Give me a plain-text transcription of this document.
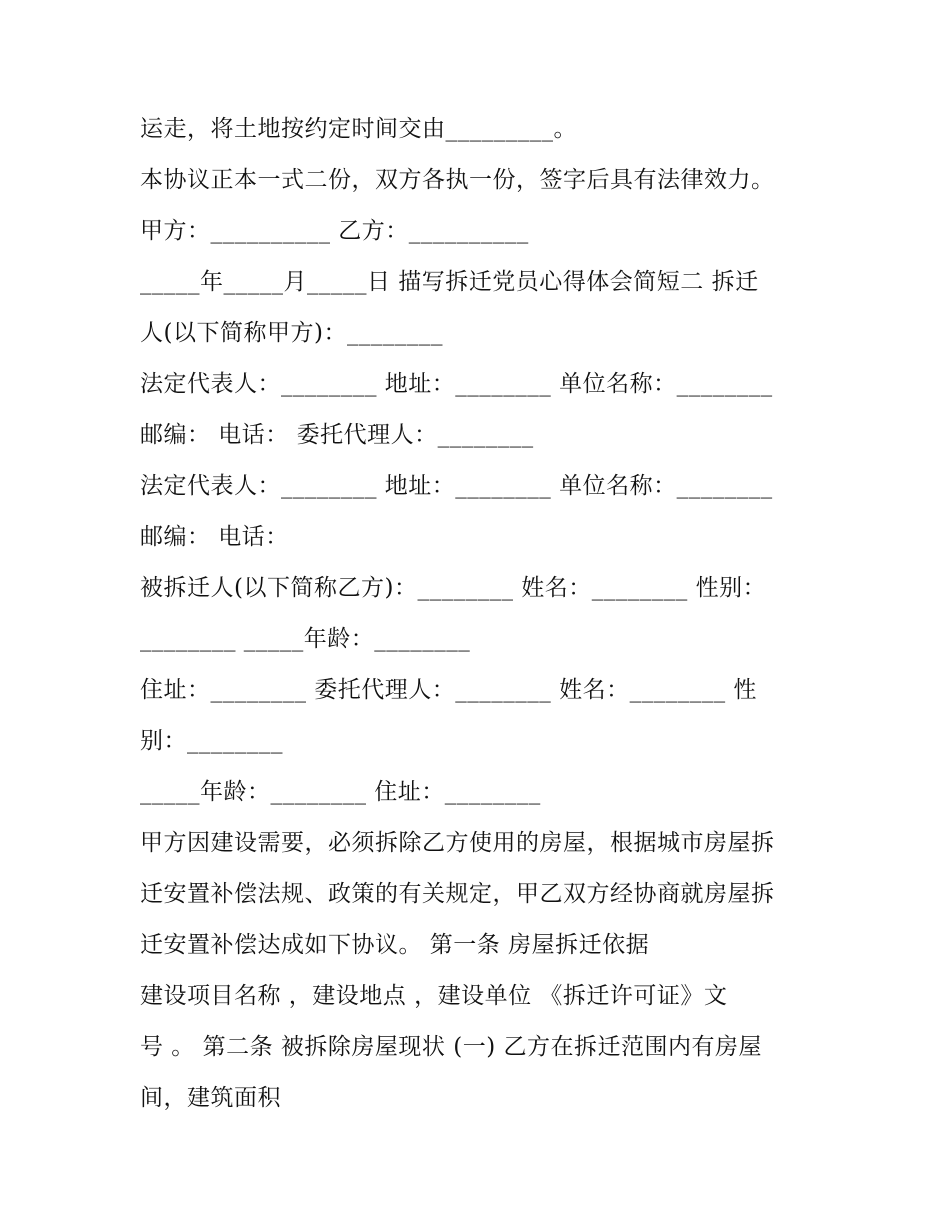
运走，将土地按约定时间交由_________。
本协议正本一式二份，双方各执一份，签字后具有法律效力。
甲方：__________ 乙方：__________
_____年_____月_____日 描写拆迁党员心得体会简短二 拆迁
人(以下简称甲方)：________
法定代表人：________ 地址：________ 单位名称：________
邮编： 电话： 委托代理人：________
法定代表人：________ 地址：________ 单位名称：________
邮编： 电话：
被拆迁人(以下简称乙方)：________ 姓名：________ 性别：
________ _____年龄：________
住址：________ 委托代理人：________ 姓名：________ 性
别：________
_____年龄：________ 住址：________
甲方因建设需要，必须拆除乙方使用的房屋，根据城市房屋拆
迁安置补偿法规、政策的有关规定，甲乙双方经协商就房屋拆
迁安置补偿达成如下协议。 第一条 房屋拆迁依据
建设项目名称 ，建设地点 ，建设单位 《拆迁许可证》文
号 。 第二条 被拆除房屋现状 (一) 乙方在拆迁范围内有房屋
间，建筑面积
